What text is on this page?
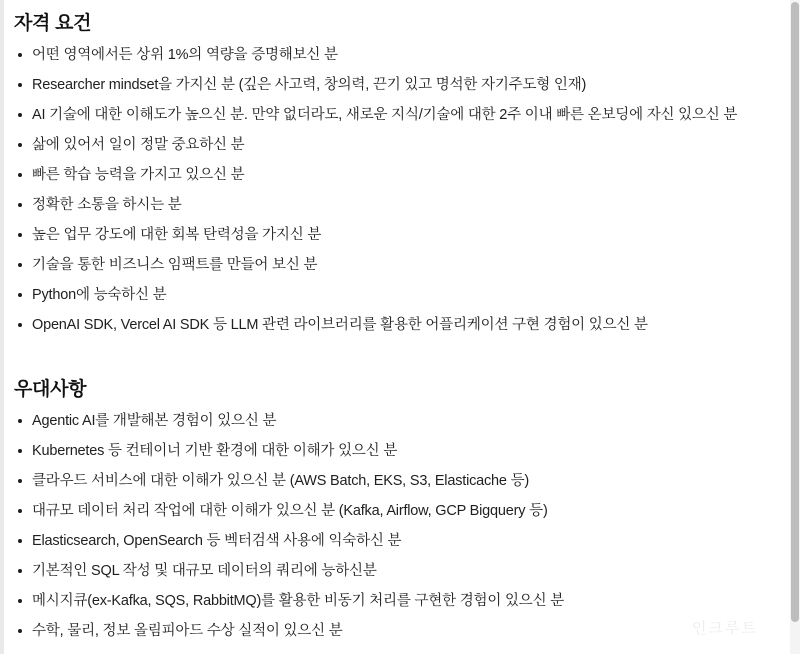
자격 요건
어떤 영역에서든 상위 1%의 역량을 증명해보신 분
Researcher mindset을 가지신 분 (깊은 사고력, 창의력, 끈기 있고 명석한 자기주도형 인재)
AI 기술에 대한 이해도가 높으신 분. 만약 없더라도, 새로운 지식/기술에 대한 2주 이내 빠른 온보딩에 자신 있으신 분
삶에 있어서 일이 정말 중요하신 분
빠른 학습 능력을 가지고 있으신 분
정확한 소통을 하시는 분
높은 업무 강도에 대한 회복 탄력성을 가지신 분
기술을 통한 비즈니스 임팩트를 만들어 보신 분
Python에 능숙하신 분
OpenAI SDK, Vercel AI SDK 등 LLM 관련 라이브러리를 활용한 어플리케이션 구현 경험이 있으신 분
우대사항
Agentic AI를 개발해본 경험이 있으신 분
Kubernetes 등 컨테이너 기반 환경에 대한 이해가 있으신 분
클라우드 서비스에 대한 이해가 있으신 분 (AWS Batch, EKS, S3, Elasticache 등)
대규모 데이터 처리 작업에 대한 이해가 있으신 분 (Kafka, Airflow, GCP Bigquery 등)
Elasticsearch, OpenSearch 등 벡터검색 사용에 익숙하신 분
기본적인 SQL 작성 및 대규모 데이터의 쿼리에 능하신분
메시지큐(ex-Kafka, SQS, RabbitMQ)를 활용한 비동기 처리를 구현한 경험이 있으신 분
수학, 물리, 정보 올림피아드 수상 실적이 있으신 분	인크루트
